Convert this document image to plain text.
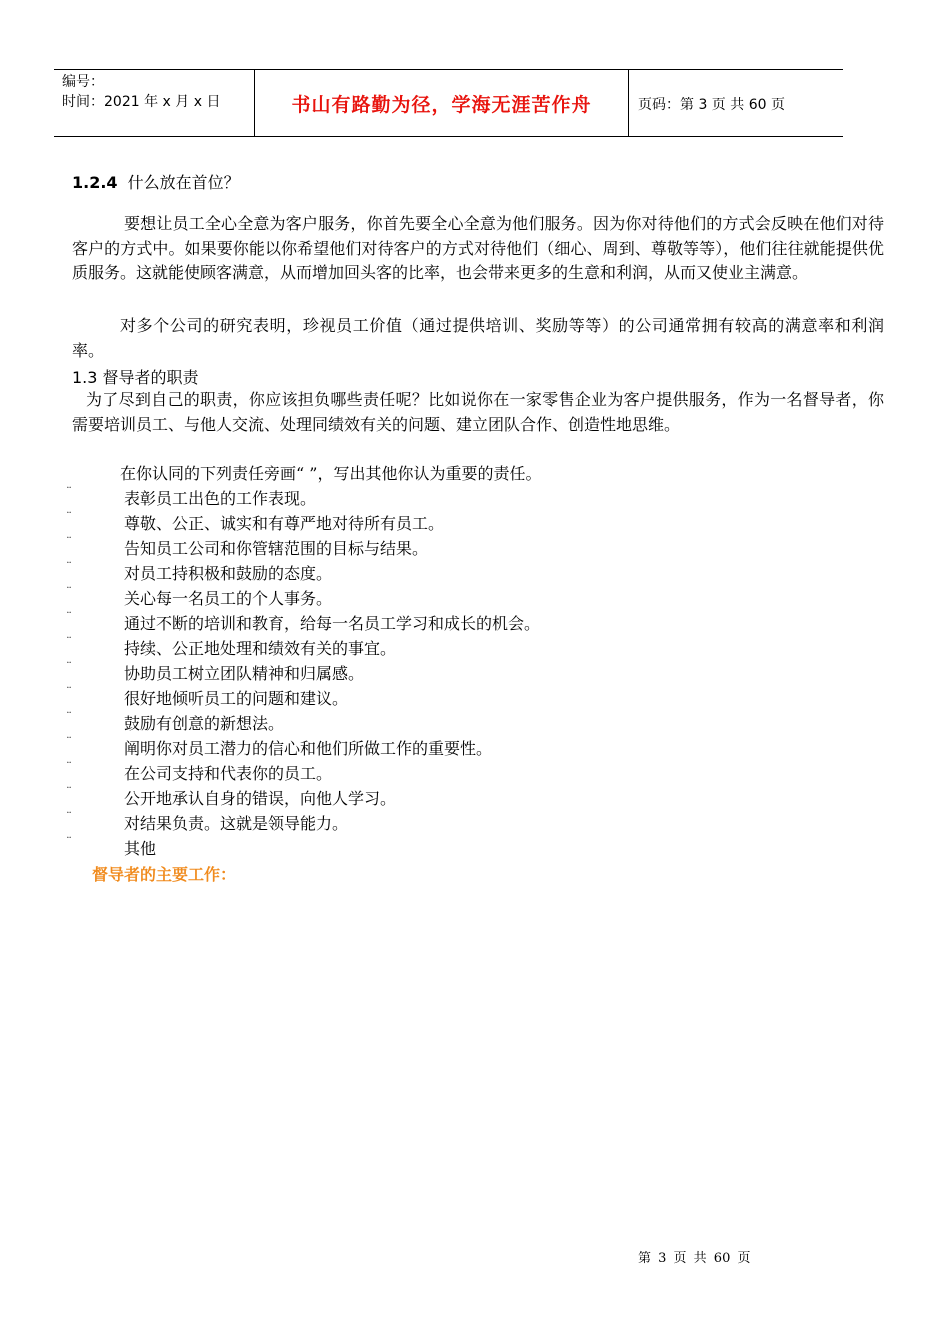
编号：
时间：2021 年 x 月 x 日	书山有路勤为径，学海无涯苦作舟	页码：第 3 页 共 60 页
1.2.4 什么放在首位？
要想让员工全心全意为客户服务，你首先要全心全意为他们服务。因为你对待他们的方式会反映在他们对待客户的方式中。如果要你能以你希望他们对待客户的方式对待他们（细心、周到、尊敬等等），他们往往就能提供优质服务。这就能使顾客满意，从而增加回头客的比率，也会带来更多的生意和利润，从而又使业主满意。
对多个公司的研究表明，珍视员工价值（通过提供培训、奖励等等）的公司通常拥有较高的满意率和利润率。
1.3 督导者的职责
为了尽到自己的职责，你应该担负哪些责任呢？比如说你在一家零售企业为客户提供服务，作为一名督导者，你需要培训员工、与他人交流、处理同绩效有关的问题、建立团队合作、创造性地思维。
在你认同的下列责任旁画“ ”，写出其他你认为重要的责任。
¨	表彰员工出色的工作表现。
¨	尊敬、公正、诚实和有尊严地对待所有员工。
¨	告知员工公司和你管辖范围的目标与结果。
¨	对员工持积极和鼓励的态度。
¨	关心每一名员工的个人事务。
¨	通过不断的培训和教育，给每一名员工学习和成长的机会。
¨	持续、公正地处理和绩效有关的事宜。
¨	协助员工树立团队精神和归属感。
¨	很好地倾听员工的问题和建议。
¨	鼓励有创意的新想法。
¨	阐明你对员工潜力的信心和他们所做工作的重要性。
¨	在公司支持和代表你的员工。
¨	公开地承认自身的错误，向他人学习。
¨	对结果负责。这就是领导能力。
¨	其他
督导者的主要工作：
第 3 页 共 60 页
